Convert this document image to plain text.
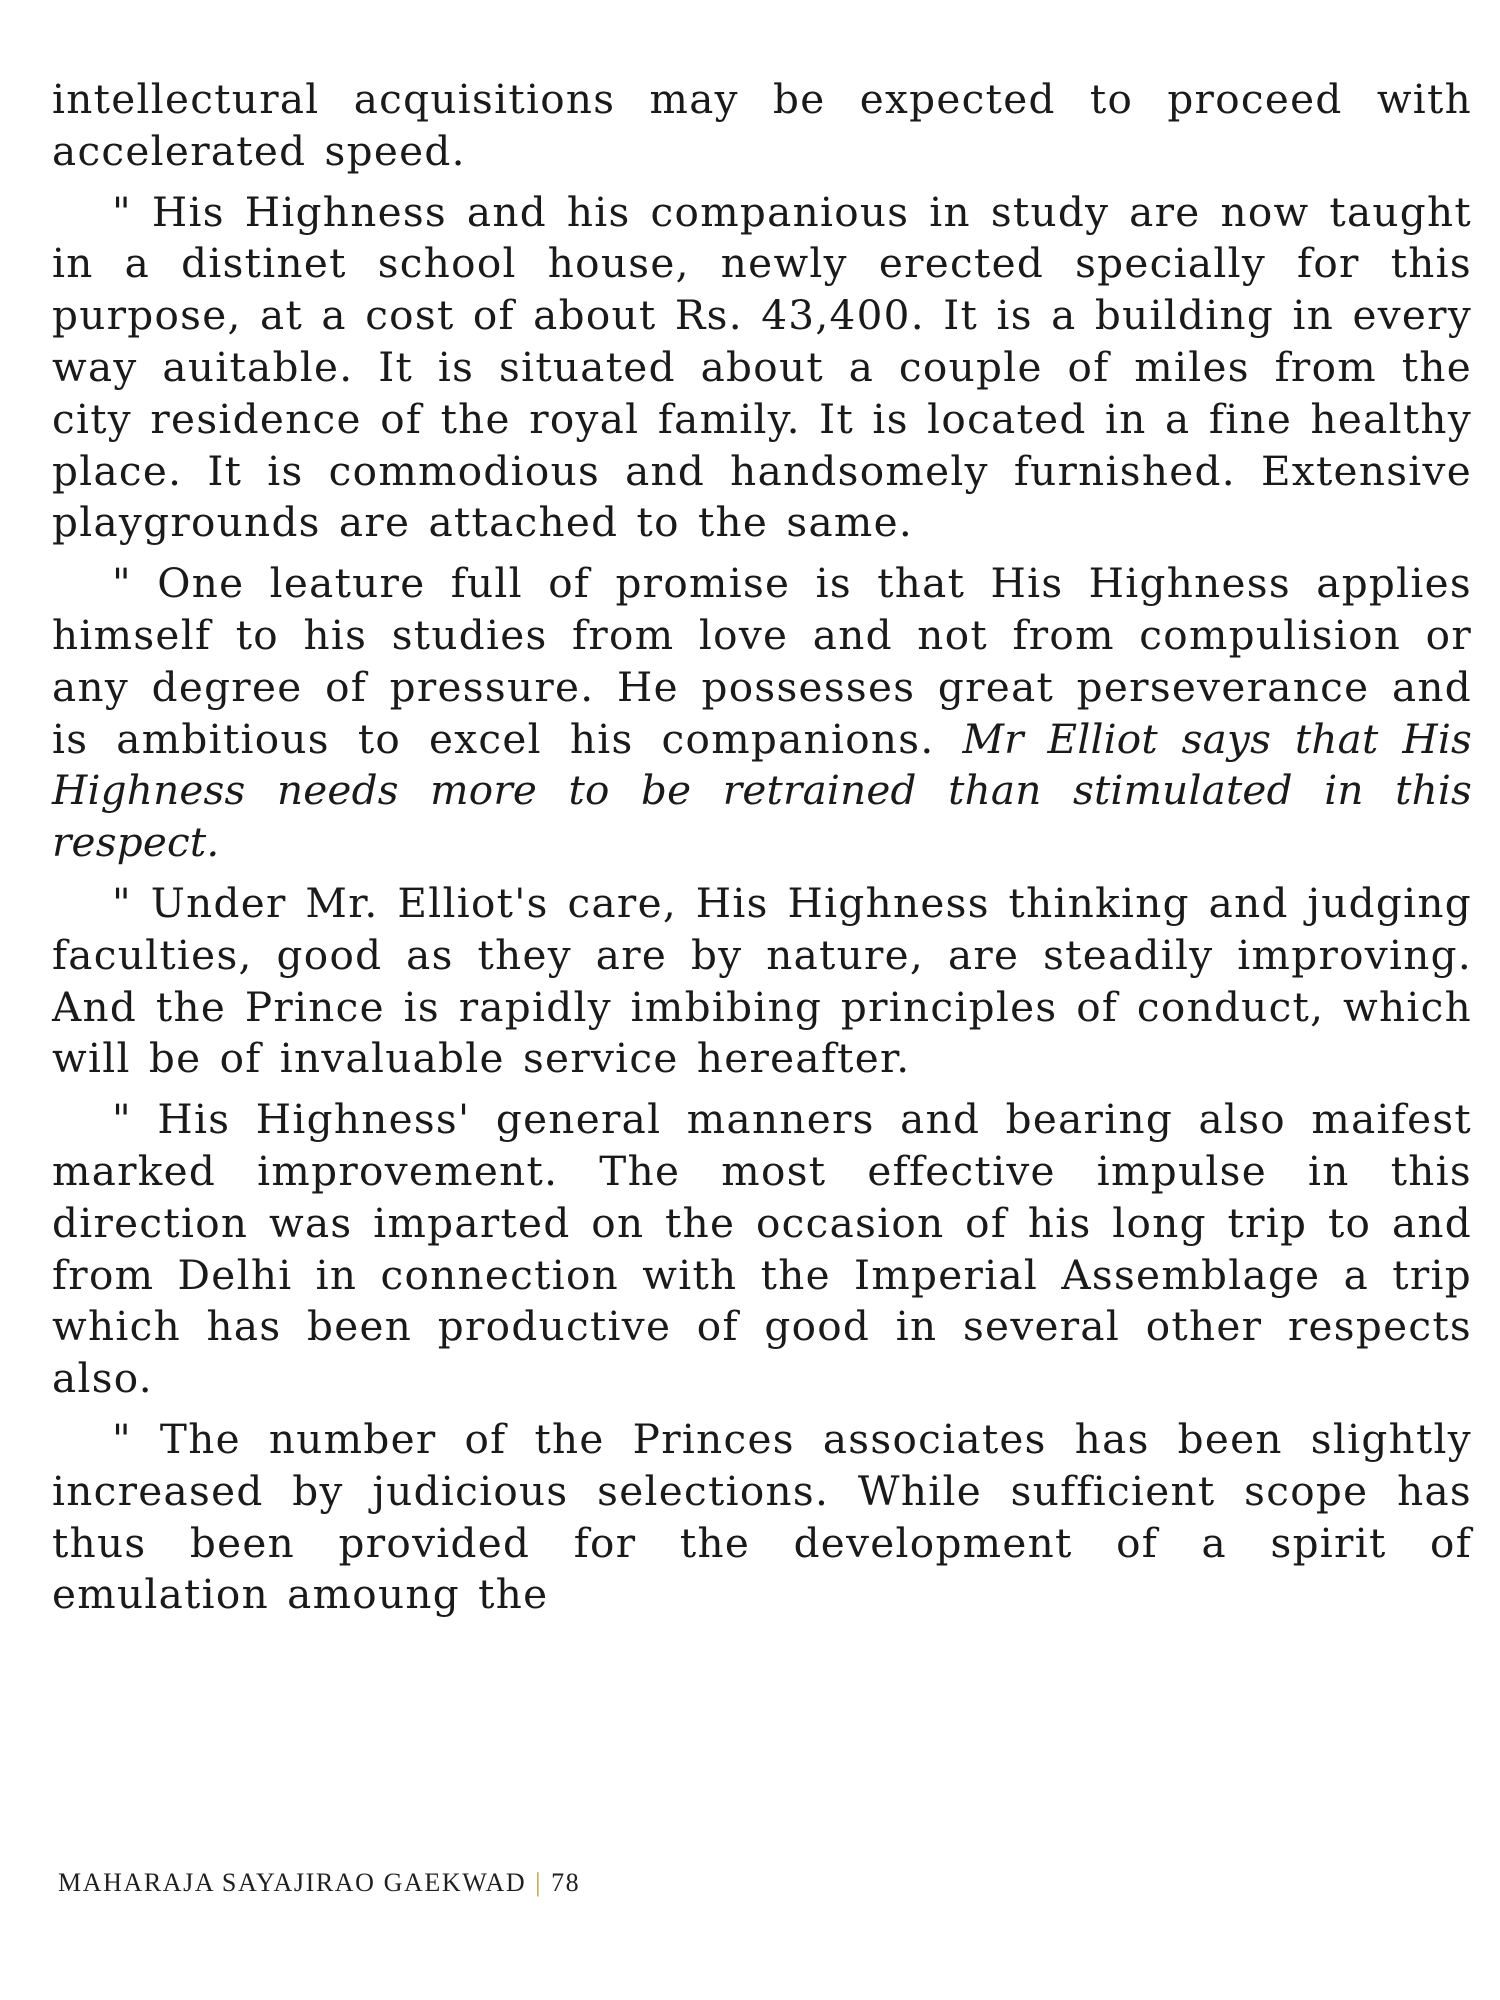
intellectural acquisitions may be expected to proceed with accelerated speed.

" His Highness and his companious in study are now taught in a distinet school house, newly erected specially for this purpose, at a cost of about Rs. 43,400. It is a building in every way auitable. It is situated about a couple of miles from the city residence of the royal family. It is located in a fine healthy place. It is commodious and handsomely furnished. Extensive playgrounds are attached to the same.

" One leature full of promise is that His Highness applies himself to his studies from love and not from compulision or any degree of pressure. He possesses great perseverance and is ambitious to excel his companions. Mr Elliot says that His Highness needs more to be retrained than stimulated in this respect.

" Under Mr. Elliot's care, His Highness thinking and judging faculties, good as they are by nature, are steadily improving. And the Prince is rapidly imbibing principles of conduct, which will be of invaluable service hereafter.

" His Highness' general manners and bearing also maifest marked improvement. The most effective impulse in this direction was imparted on the occasion of his long trip to and from Delhi in connection with the Imperial Assemblage a trip which has been productive of good in several other respects also.

" The number of the Princes associates has been slightly increased by judicious selections. While sufficient scope has thus been provided for the development of a spirit of emulation amoung the

MAHARAJA SAYAJIRAO GAEKWAD | 78
